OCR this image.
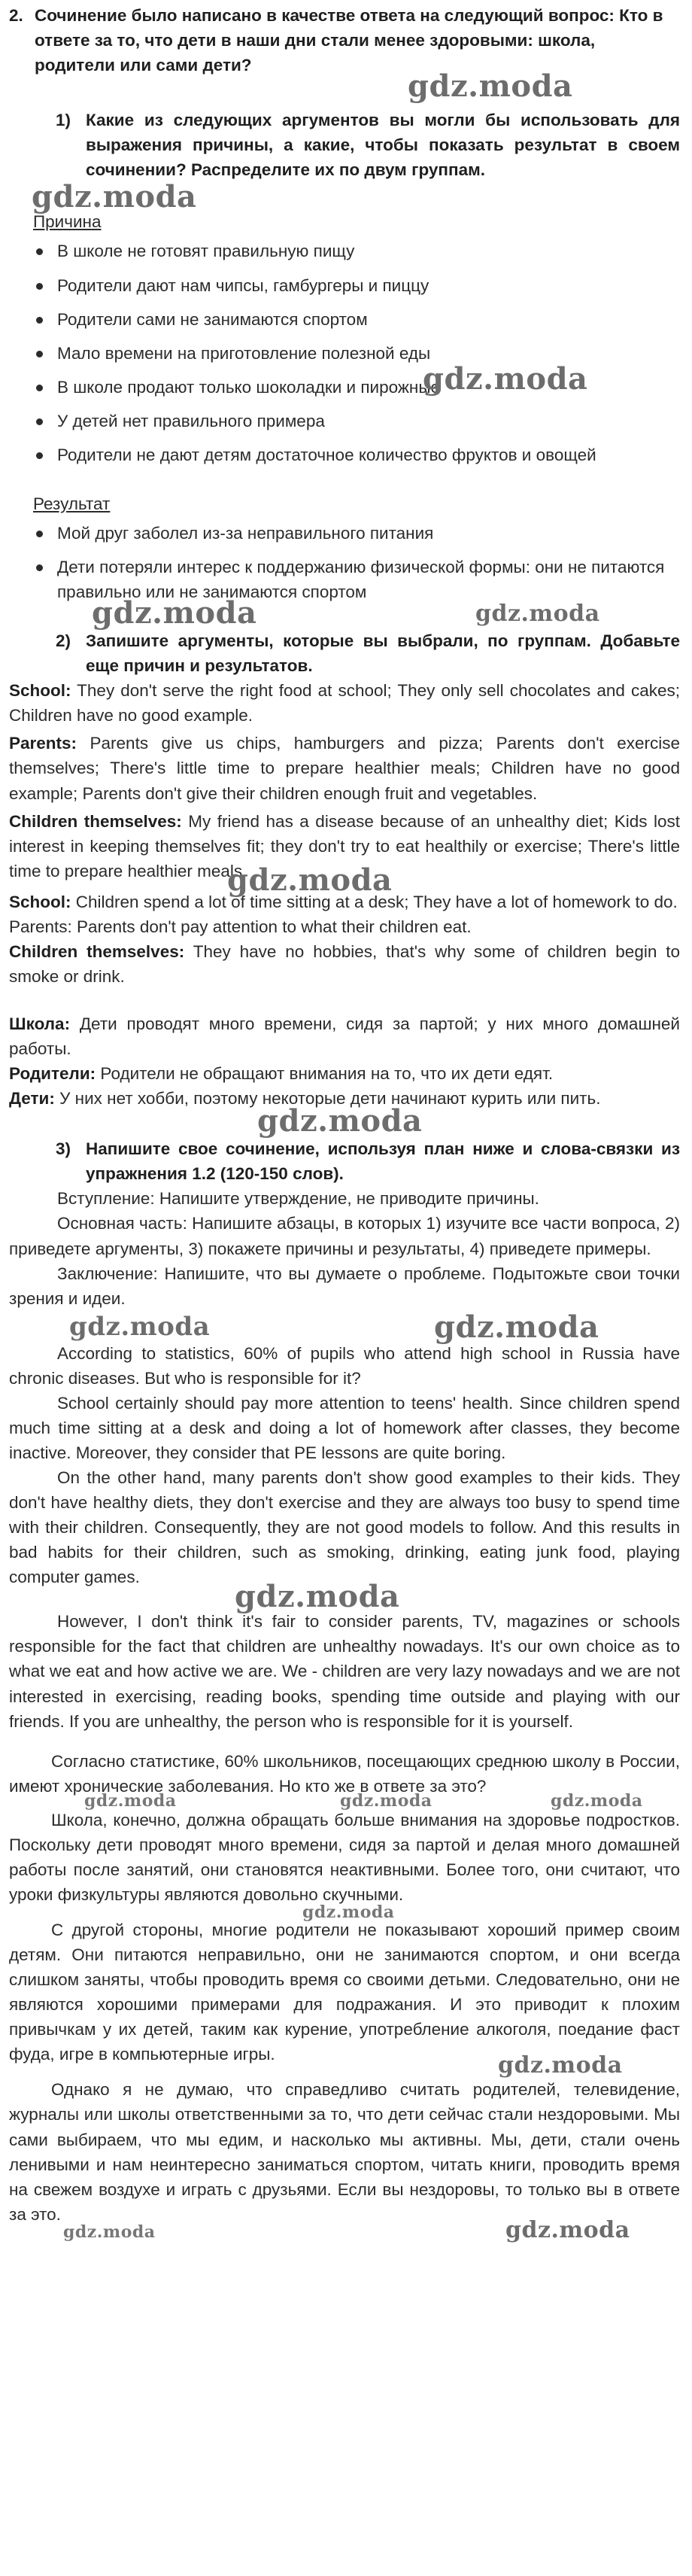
2. Сочинение было написано в качестве ответа на следующий вопрос: Кто в ответе за то, что дети в наши дни стали менее здоровыми: школа, родители или сами дети?
gdz.moda
1) Какие из следующих аргументов вы могли бы использовать для выражения причины, а какие, чтобы показать результат в своем сочинении? Распределите их по двум группам.
gdz.moda

Причина

В школе не готовят правильную пищу
Родители дают нам чипсы, гамбургеры и пиццу
Родители сами не занимаются спортом
Мало времени на приготовление полезной еды
В школе продают только шоколадки и пирожные
gdz.moda
У детей нет правильного примера
Родители не дают детям достаточное количество фруктов и овощей

Результат

Мой друг заболел из-за неправильного питания
Дети потеряли интерес к поддержанию физической формы: они не питаются правильно или не занимаются спортом
gdz.moda	gdz.moda
2) Запишите аргументы, которые вы выбрали, по группам. Добавьте еще причин и результатов.

School: They don't serve the right food at school; They only sell chocolates and cakes; Children have no good example.

Parents: Parents give us chips, hamburgers and pizza; Parents don't exercise themselves; There's little time to prepare healthier meals; Children have no good example; Parents don't give their children enough fruit and vegetables.

Children themselves: My friend has a disease because of an unhealthy diet; Kids lost interest in keeping themselves fit; they don't try to eat healthily or exercise; There's little time to prepare healthier meals.
gdz.moda

School: Children spend a lot of time sitting at a desk; They have a lot of homework to do.

Parents: Parents don't pay attention to what their children eat.

Children themselves: They have no hobbies, that's why some of children begin to smoke or drink.

Школа: Дети проводят много времени, сидя за партой; у них много домашней работы.

Родители: Родители не обращают внимания на то, что их дети едят.

Дети: У них нет хобби, поэтому некоторые дети начинают курить или пить.

gdz.moda
3) Напишите свое сочинение, используя план ниже и слова-связки из упражнения 1.2 (120-150 слов).

Вступление: Напишите утверждение, не приводите причины.

Основная часть: Напишите абзацы, в которых 1) изучите все части вопроса, 2) приведете аргументы, 3) покажете причины и результаты, 4) приведете примеры.

Заключение: Напишите, что вы думаете о проблеме. Подытожьте свои точки зрения и идеи.

gdz.moda	gdz.moda

According to statistics, 60% of pupils who attend high school in Russia have chronic diseases. But who is responsible for it?

School certainly should pay more attention to teens' health. Since children spend much time sitting at a desk and doing a lot of homework after classes, they become inactive. Moreover, they consider that PE lessons are quite boring.

On the other hand, many parents don't show good examples to their kids. They don't have healthy diets, they don't exercise and they are always too busy to spend time with their children. Consequently, they are not good models to follow. And this results in bad habits for their children, such as smoking, drinking, eating junk food, playing computer games.

gdz.moda

However, I don't think it's fair to consider parents, TV, magazines or schools responsible for the fact that children are unhealthy nowadays. It's our own choice as to what we eat and how active we are. We - children are very lazy nowadays and we are not interested in exercising, reading books, spending time outside and playing with our friends. If you are unhealthy, the person who is responsible for it is yourself.

Согласно статистике, 60% школьников, посещающих среднюю школу в России, имеют хронические заболевания. Но кто же в ответе за это?

gdz.moda	gdz.moda	gdz.moda

Школа, конечно, должна обращать больше внимания на здоровье подростков. Поскольку дети проводят много времени, сидя за партой и делая много домашней работы после занятий, они становятся неактивными. Более того, они считают, что уроки физкультуры являются довольно скучными.

gdz.moda

С другой стороны, многие родители не показывают хороший пример своим детям. Они питаются неправильно, они не занимаются спортом, и они всегда слишком заняты, чтобы проводить время со своими детьми. Следовательно, они не являются хорошими примерами для подражания. И это приводит к плохим привычкам у их детей, таким как курение, употребление алкоголя, поедание фаст фуда, игре в компьютерные игры.	gdz.moda

Однако я не думаю, что справедливо считать родителей, телевидение, журналы или школы ответственными за то, что дети сейчас стали нездоровыми. Мы сами выбираем, что мы едим, и насколько мы активны. Мы, дети, стали очень ленивыми и нам неинтересно заниматься спортом, читать книги, проводить время на свежем воздухе и играть с друзьями. Если вы нездоровы, то только вы в ответе за это.

gdz.moda	gdz.moda
